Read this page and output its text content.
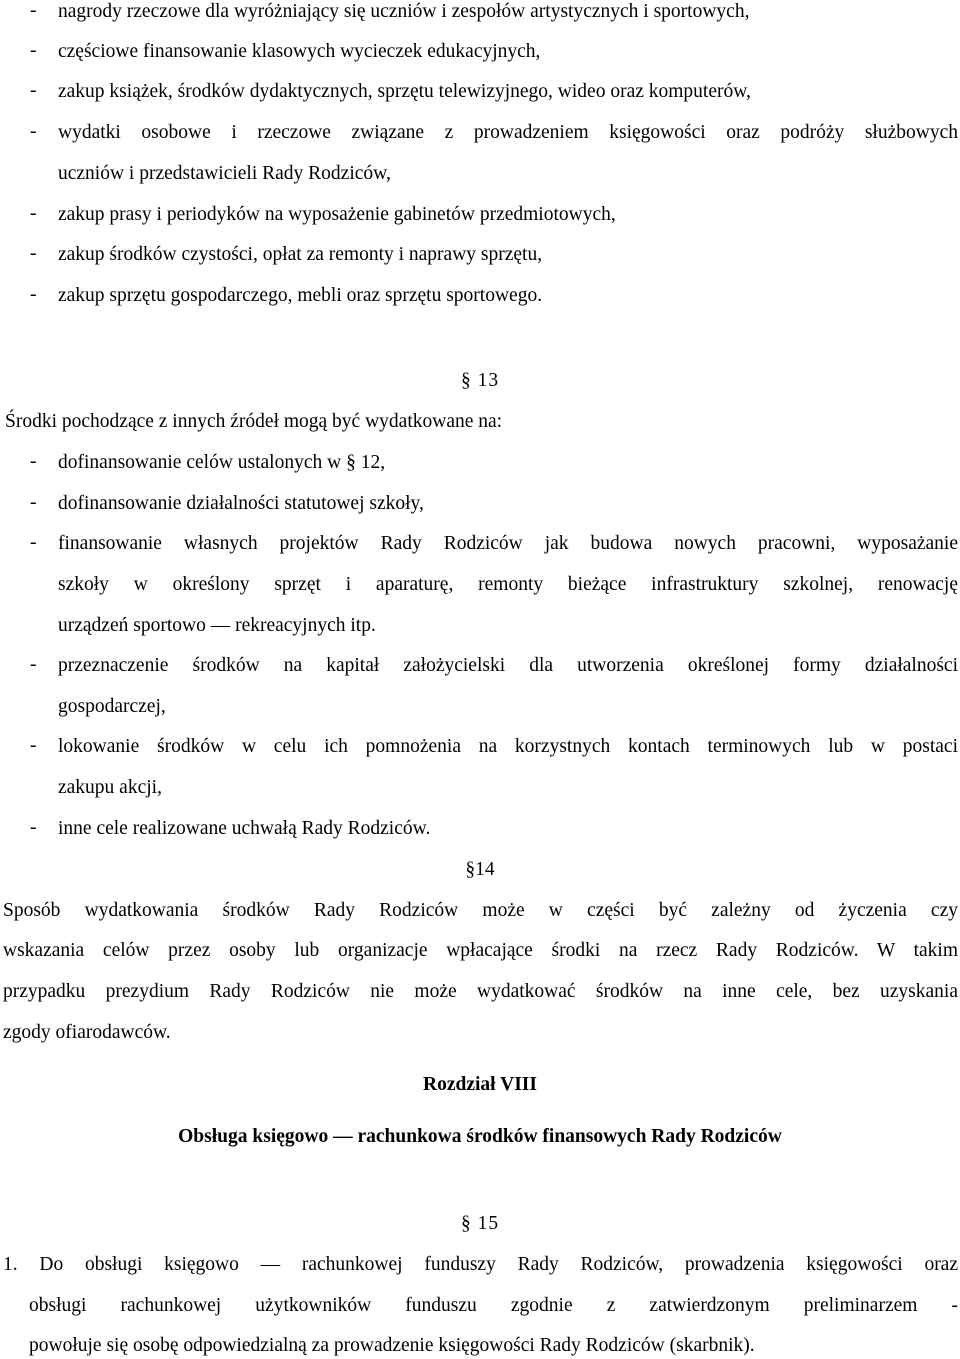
- nagrody rzeczowe dla wyróżniający się uczniów i zespołów artystycznych i sportowych,
- częściowe finansowanie klasowych wycieczek edukacyjnych,
- zakup książek, środków dydaktycznych, sprzętu telewizyjnego, wideo oraz komputerów,
- wydatki osobowe i rzeczowe związane z prowadzeniem księgowości oraz podróży służbowych
uczniów i przedstawicieli Rady Rodziców,
- zakup prasy i periodyków na wyposażenie gabinetów przedmiotowych,
- zakup środków czystości, opłat za remonty i naprawy sprzętu,
- zakup sprzętu gospodarczego, mebli oraz sprzętu sportowego.
§ 13
Środki pochodzące z innych źródeł mogą być wydatkowane na:
- dofinansowanie celów ustalonych w § 12,
- dofinansowanie działalności statutowej szkoły,
- finansowanie własnych projektów Rady Rodziców jak budowa nowych pracowni, wyposażanie
szkoły w określony sprzęt i aparaturę, remonty bieżące infrastruktury szkolnej, renowację
urządzeń sportowo — rekreacyjnych itp.
- przeznaczenie środków na kapitał założycielski dla utworzenia określonej formy działalności
gospodarczej,
- lokowanie środków w celu ich pomnożenia na korzystnych kontach terminowych lub w postaci
zakupu akcji,
- inne cele realizowane uchwałą Rady Rodziców.
§14
Sposób wydatkowania środków Rady Rodziców może w części być zależny od życzenia czy
wskazania celów przez osoby lub organizacje wpłacające środki na rzecz Rady Rodziców. W takim
przypadku prezydium Rady Rodziców nie może wydatkować środków na inne cele, bez uzyskania
zgody ofiarodawców.
Rozdział VIII
Obsługa księgowo — rachunkowa środków finansowych Rady Rodziców
§ 15
1. Do obsługi księgowo — rachunkowej funduszy Rady Rodziców, prowadzenia księgowości oraz
obsługi rachunkowej użytkowników funduszu zgodnie z zatwierdzonym preliminarzem -
powołuje się osobę odpowiedzialną za prowadzenie księgowości Rady Rodziców (skarbnik).
